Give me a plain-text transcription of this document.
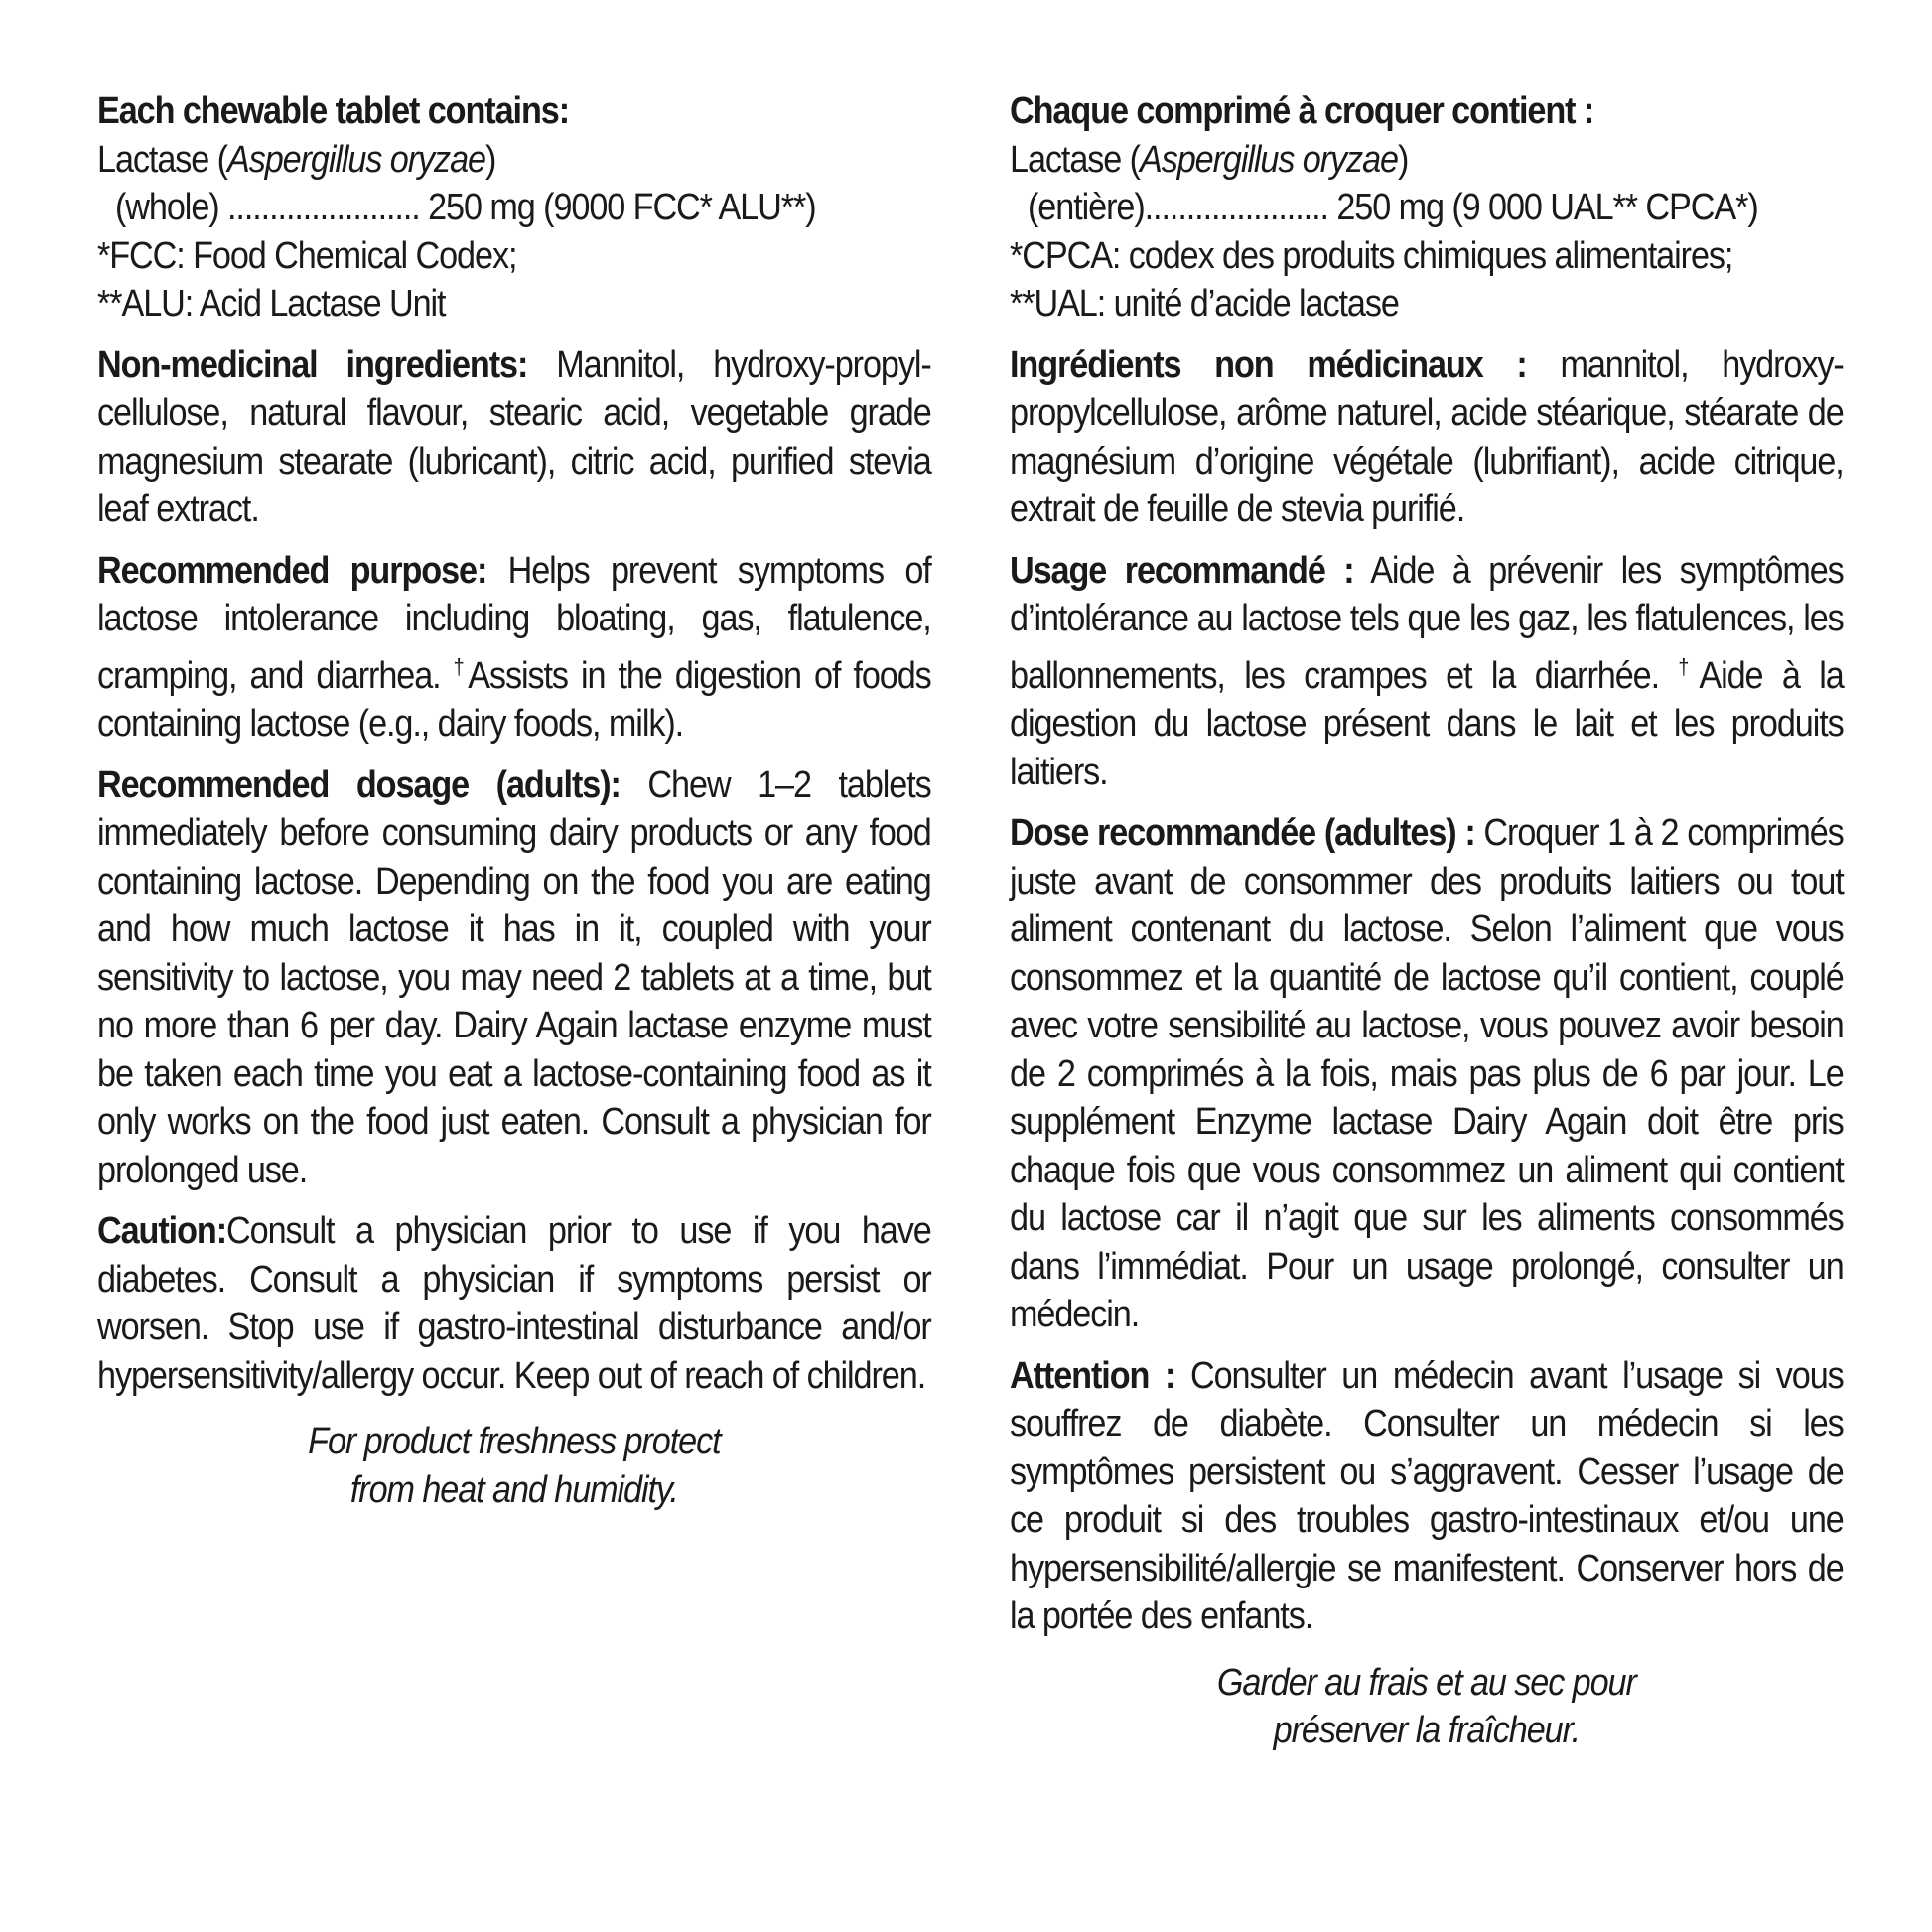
Each chewable tablet contains:

Lactase (Aspergillus oryzae)

(whole) ....................... 250 mg (9000 FCC* ALU**)

*FCC: Food Chemical Codex;

**ALU: Acid Lactase Unit

Non-medicinal ingredients: Mannitol, hydroxy-propyl-cellulose, natural flavour, stearic acid, vegetable grade magnesium stearate (lubricant), citric acid, purified stevia leaf extract.

Recommended purpose: Helps prevent symptoms of lactose intolerance including bloating, gas, flatulence, cramping, and diarrhea. †Assists in the digestion of foods containing lactose (e.g., dairy foods, milk).

Recommended dosage (adults): Chew 1–2 tablets immediately before consuming dairy products or any food containing lactose. Depending on the food you are eating and how much lactose it has in it, coupled with your sensitivity to lactose, you may need 2 tablets at a time, but no more than 6 per day. Dairy Again lactase enzyme must be taken each time you eat a lactose-containing food as it only works on the food just eaten. Consult a physician for prolonged use.

Caution:Consult a physician prior to use if you have diabetes. Consult a physician if symptoms persist or worsen. Stop use if gastro-intestinal disturbance and/or hypersensitivity/allergy occur. Keep out of reach of children.

For product freshness protect

from heat and humidity.

Chaque comprimé à croquer contient :

Lactase (Aspergillus oryzae)

(entière)...................... 250 mg (9 000 UAL** CPCA*)

*CPCA: codex des produits chimiques alimentaires;

**UAL: unité d’acide lactase

Ingrédients non médicinaux : mannitol, hydroxy-propylcellulose, arôme naturel, acide stéarique, stéarate de magnésium d’origine végétale (lubrifiant), acide citrique, extrait de feuille de stevia purifié.

Usage recommandé : Aide à prévenir les symptômes d’intolérance au lactose tels que les gaz, les flatulences, les ballonnements, les crampes et la diarrhée. †Aide à la digestion du lactose présent dans le lait et les produits laitiers.

Dose recommandée (adultes) : Croquer 1 à 2 comprimés juste avant de consommer des produits laitiers ou tout aliment contenant du lactose. Selon l’aliment que vous consommez et la quantité de lactose qu’il contient, couplé avec votre sensibilité au lactose, vous pouvez avoir besoin de 2 comprimés à la fois, mais pas plus de 6 par jour. Le supplément Enzyme lactase Dairy Again doit être pris chaque fois que vous consommez un aliment qui contient du lactose car il n’agit que sur les aliments consommés dans l’immédiat. Pour un usage prolongé, consulter un médecin.

Attention : Consulter un médecin avant l’usage si vous souffrez de diabète. Consulter un médecin si les symptômes persistent ou s’aggravent. Cesser l’usage de ce produit si des troubles gastro-intestinaux et/ou une hypersensibilité/allergie se manifestent. Conserver hors de la portée des enfants.

Garder au frais et au sec pour

préserver la fraîcheur.
